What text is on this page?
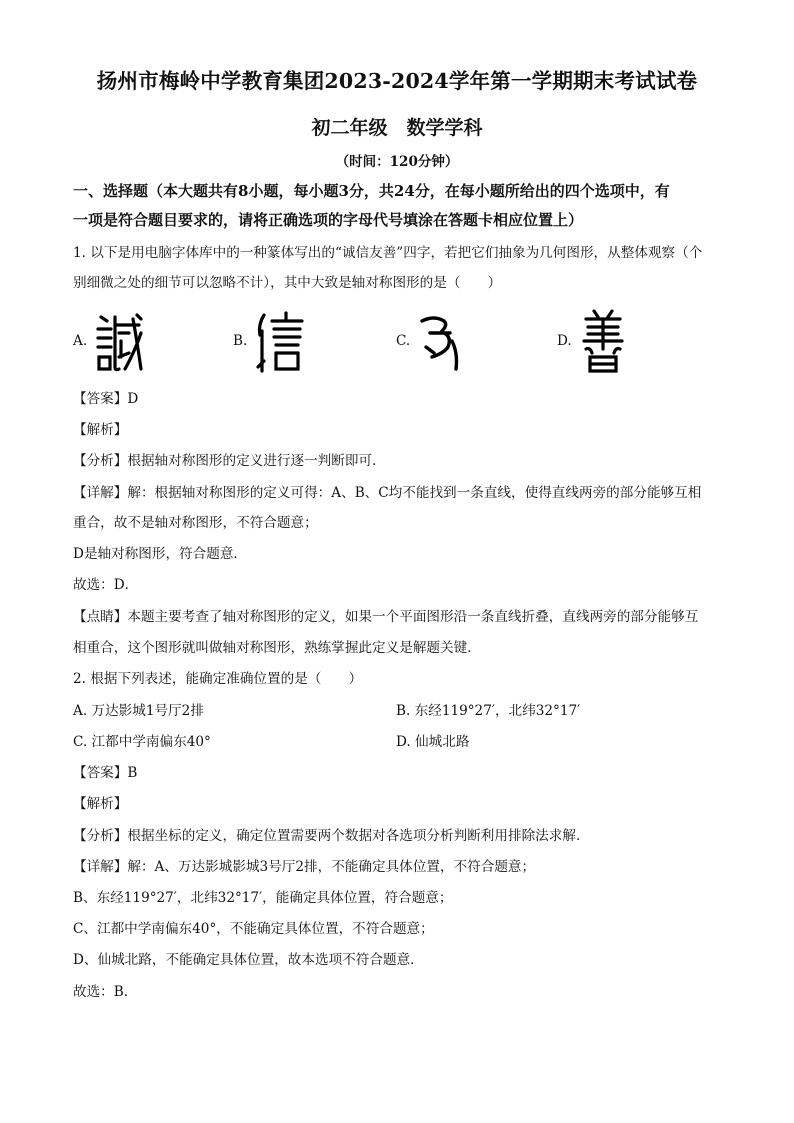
扬州市梅岭中学教育集团2023-2024学年第一学期期末考试试卷
初二年级　数学学科
（时间：120分钟）
一、选择题（本大题共有8小题，每小题3分，共24分，在每小题所给出的四个选项中，有
一项是符合题目要求的，请将正确选项的字母代号填涂在答题卡相应位置上）
1. 以下是用电脑字体库中的一种篆体写出的“诚信友善”四字，若把它们抽象为几何图形，从整体观察（个
别细微之处的细节可以忽略不计），其中大致是轴对称图形的是（　　）
A.	B.	C.	D.
【答案】D
【解析】
【分析】根据轴对称图形的定义进行逐一判断即可.
【详解】解：根据轴对称图形的定义可得：A、B、C均不能找到一条直线，使得直线两旁的部分能够互相
重合，故不是轴对称图形，不符合题意；
D是轴对称图形，符合题意．
故选：D．
【点睛】本题主要考查了轴对称图形的定义，如果一个平面图形沿一条直线折叠，直线两旁的部分能够互
相重合，这个图形就叫做轴对称图形，熟练掌握此定义是解题关键．
2. 根据下列表述，能确定准确位置的是（　　）
A. 万达影城1号厅2排	B. 东经119°27′，北纬32°17′
C. 江都中学南偏东40°	D. 仙城北路
【答案】B
【解析】
【分析】根据坐标的定义，确定位置需要两个数据对各选项分析判断利用排除法求解．
【详解】解：A、万达影城影城3号厅2排，不能确定具体位置，不符合题意；
B、东经119°27′，北纬32°17′，能确定具体位置，符合题意；
C、江都中学南偏东40°，不能确定具体位置，不符合题意；
D、仙城北路，不能确定具体位置，故本选项不符合题意．
故选：B．
